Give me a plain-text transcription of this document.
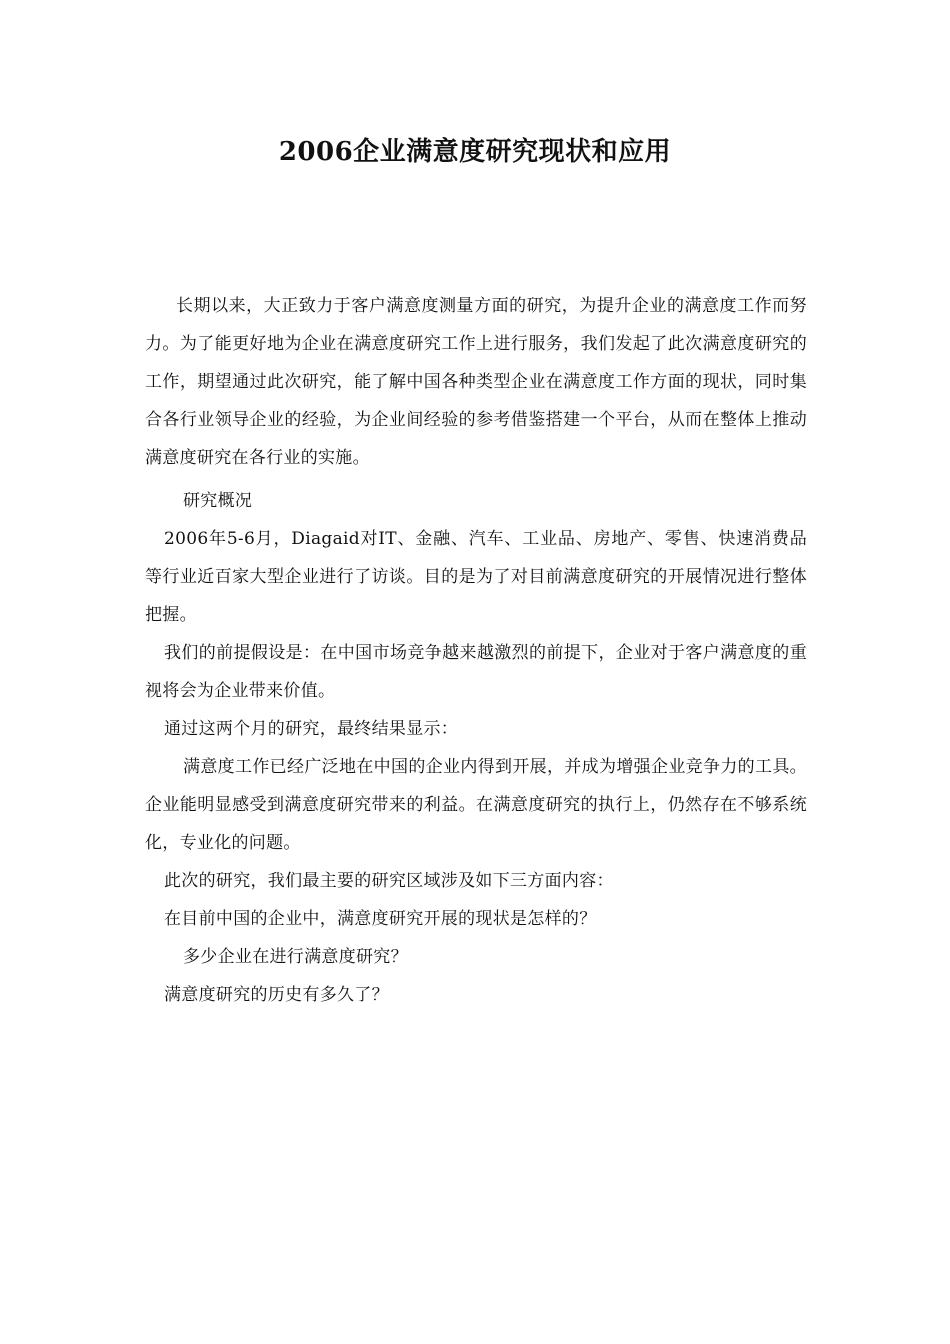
2006企业满意度研究现状和应用

长期以来，大正致力于客户满意度测量方面的研究，为提升企业的满意度工作而努力。为了能更好地为企业在满意度研究工作上进行服务，我们发起了此次满意度研究的工作，期望通过此次研究，能了解中国各种类型企业在满意度工作方面的现状，同时集合各行业领导企业的经验，为企业间经验的参考借鉴搭建一个平台，从而在整体上推动满意度研究在各行业的实施。

研究概况

2006年5-6月，Diagaid对IT、金融、汽车、工业品、房地产、零售、快速消费品等行业近百家大型企业进行了访谈。目的是为了对目前满意度研究的开展情况进行整体把握。

我们的前提假设是：在中国市场竞争越来越激烈的前提下，企业对于客户满意度的重视将会为企业带来价值。

通过这两个月的研究，最终结果显示：

满意度工作已经广泛地在中国的企业内得到开展，并成为增强企业竞争力的工具。企业能明显感受到满意度研究带来的利益。在满意度研究的执行上，仍然存在不够系统化，专业化的问题。

此次的研究，我们最主要的研究区域涉及如下三方面内容：

在目前中国的企业中，满意度研究开展的现状是怎样的？

多少企业在进行满意度研究？

满意度研究的历史有多久了？
